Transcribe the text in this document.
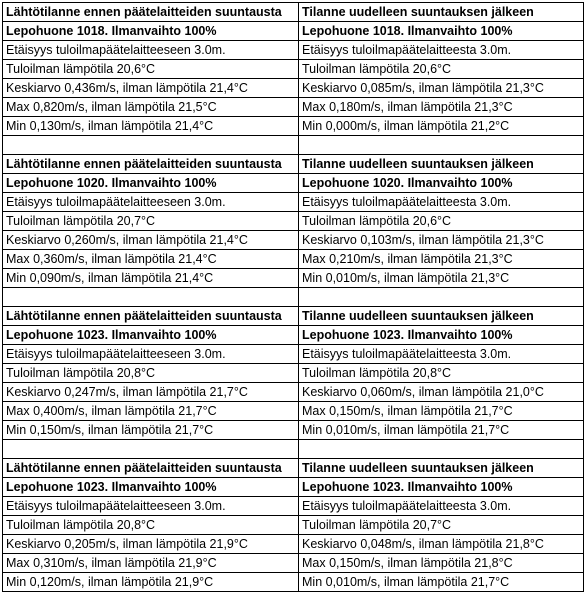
Lähtötilanne ennen päätelaitteiden suuntausta	Tilanne uudelleen suuntauksen jälkeen
Lepohuone 1018. Ilmanvaihto 100%	Lepohuone 1018. Ilmanvaihto 100%
Etäisyys tuloilmapäätelaitteeseen 3.0m.	Etäisyys tuloilmapäätelaitteesta 3.0m.
Tuloilman lämpötila 20,6°C	Tuloilman lämpötila 20,6°C
Keskiarvo 0,436m/s, ilman lämpötila 21,4°C	Keskiarvo 0,085m/s, ilman lämpötila 21,3°C
Max 0,820m/s, ilman lämpötila 21,5°C	Max 0,180m/s, ilman lämpötila 21,3°C
Min 0,130m/s, ilman lämpötila 21,4°C	Min 0,000m/s, ilman lämpötila 21,2°C

Lähtötilanne ennen päätelaitteiden suuntausta	Tilanne uudelleen suuntauksen jälkeen
Lepohuone 1020. Ilmanvaihto 100%	Lepohuone 1020. Ilmanvaihto 100%
Etäisyys tuloilmapäätelaitteeseen 3.0m.	Etäisyys tuloilmapäätelaitteesta 3.0m.
Tuloilman lämpötila 20,7°C	Tuloilman lämpötila 20,6°C
Keskiarvo 0,260m/s, ilman lämpötila 21,4°C	Keskiarvo 0,103m/s, ilman lämpötila 21,3°C
Max 0,360m/s, ilman lämpötila 21,4°C	Max 0,210m/s, ilman lämpötila 21,3°C
Min 0,090m/s, ilman lämpötila 21,4°C	Min 0,010m/s, ilman lämpötila 21,3°C

Lähtötilanne ennen päätelaitteiden suuntausta	Tilanne uudelleen suuntauksen jälkeen
Lepohuone 1023. Ilmanvaihto 100%	Lepohuone 1023. Ilmanvaihto 100%
Etäisyys tuloilmapäätelaitteeseen 3.0m.	Etäisyys tuloilmapäätelaitteesta 3.0m.
Tuloilman lämpötila 20,8°C	Tuloilman lämpötila 20,8°C
Keskiarvo 0,247m/s, ilman lämpötila 21,7°C	Keskiarvo 0,060m/s, ilman lämpötila 21,0°C
Max 0,400m/s, ilman lämpötila 21,7°C	Max 0,150m/s, ilman lämpötila 21,7°C
Min 0,150m/s, ilman lämpötila 21,7°C	Min 0,010m/s, ilman lämpötila 21,7°C

Lähtötilanne ennen päätelaitteiden suuntausta	Tilanne uudelleen suuntauksen jälkeen
Lepohuone 1023. Ilmanvaihto 100%	Lepohuone 1023. Ilmanvaihto 100%
Etäisyys tuloilmapäätelaitteeseen 3.0m.	Etäisyys tuloilmapäätelaitteesta 3.0m.
Tuloilman lämpötila 20,8°C	Tuloilman lämpötila 20,7°C
Keskiarvo 0,205m/s, ilman lämpötila 21,9°C	Keskiarvo 0,048m/s, ilman lämpötila 21,8°C
Max 0,310m/s, ilman lämpötila 21,9°C	Max 0,150m/s, ilman lämpötila 21,8°C
Min 0,120m/s, ilman lämpötila 21,9°C	Min 0,010m/s, ilman lämpötila 21,7°C
